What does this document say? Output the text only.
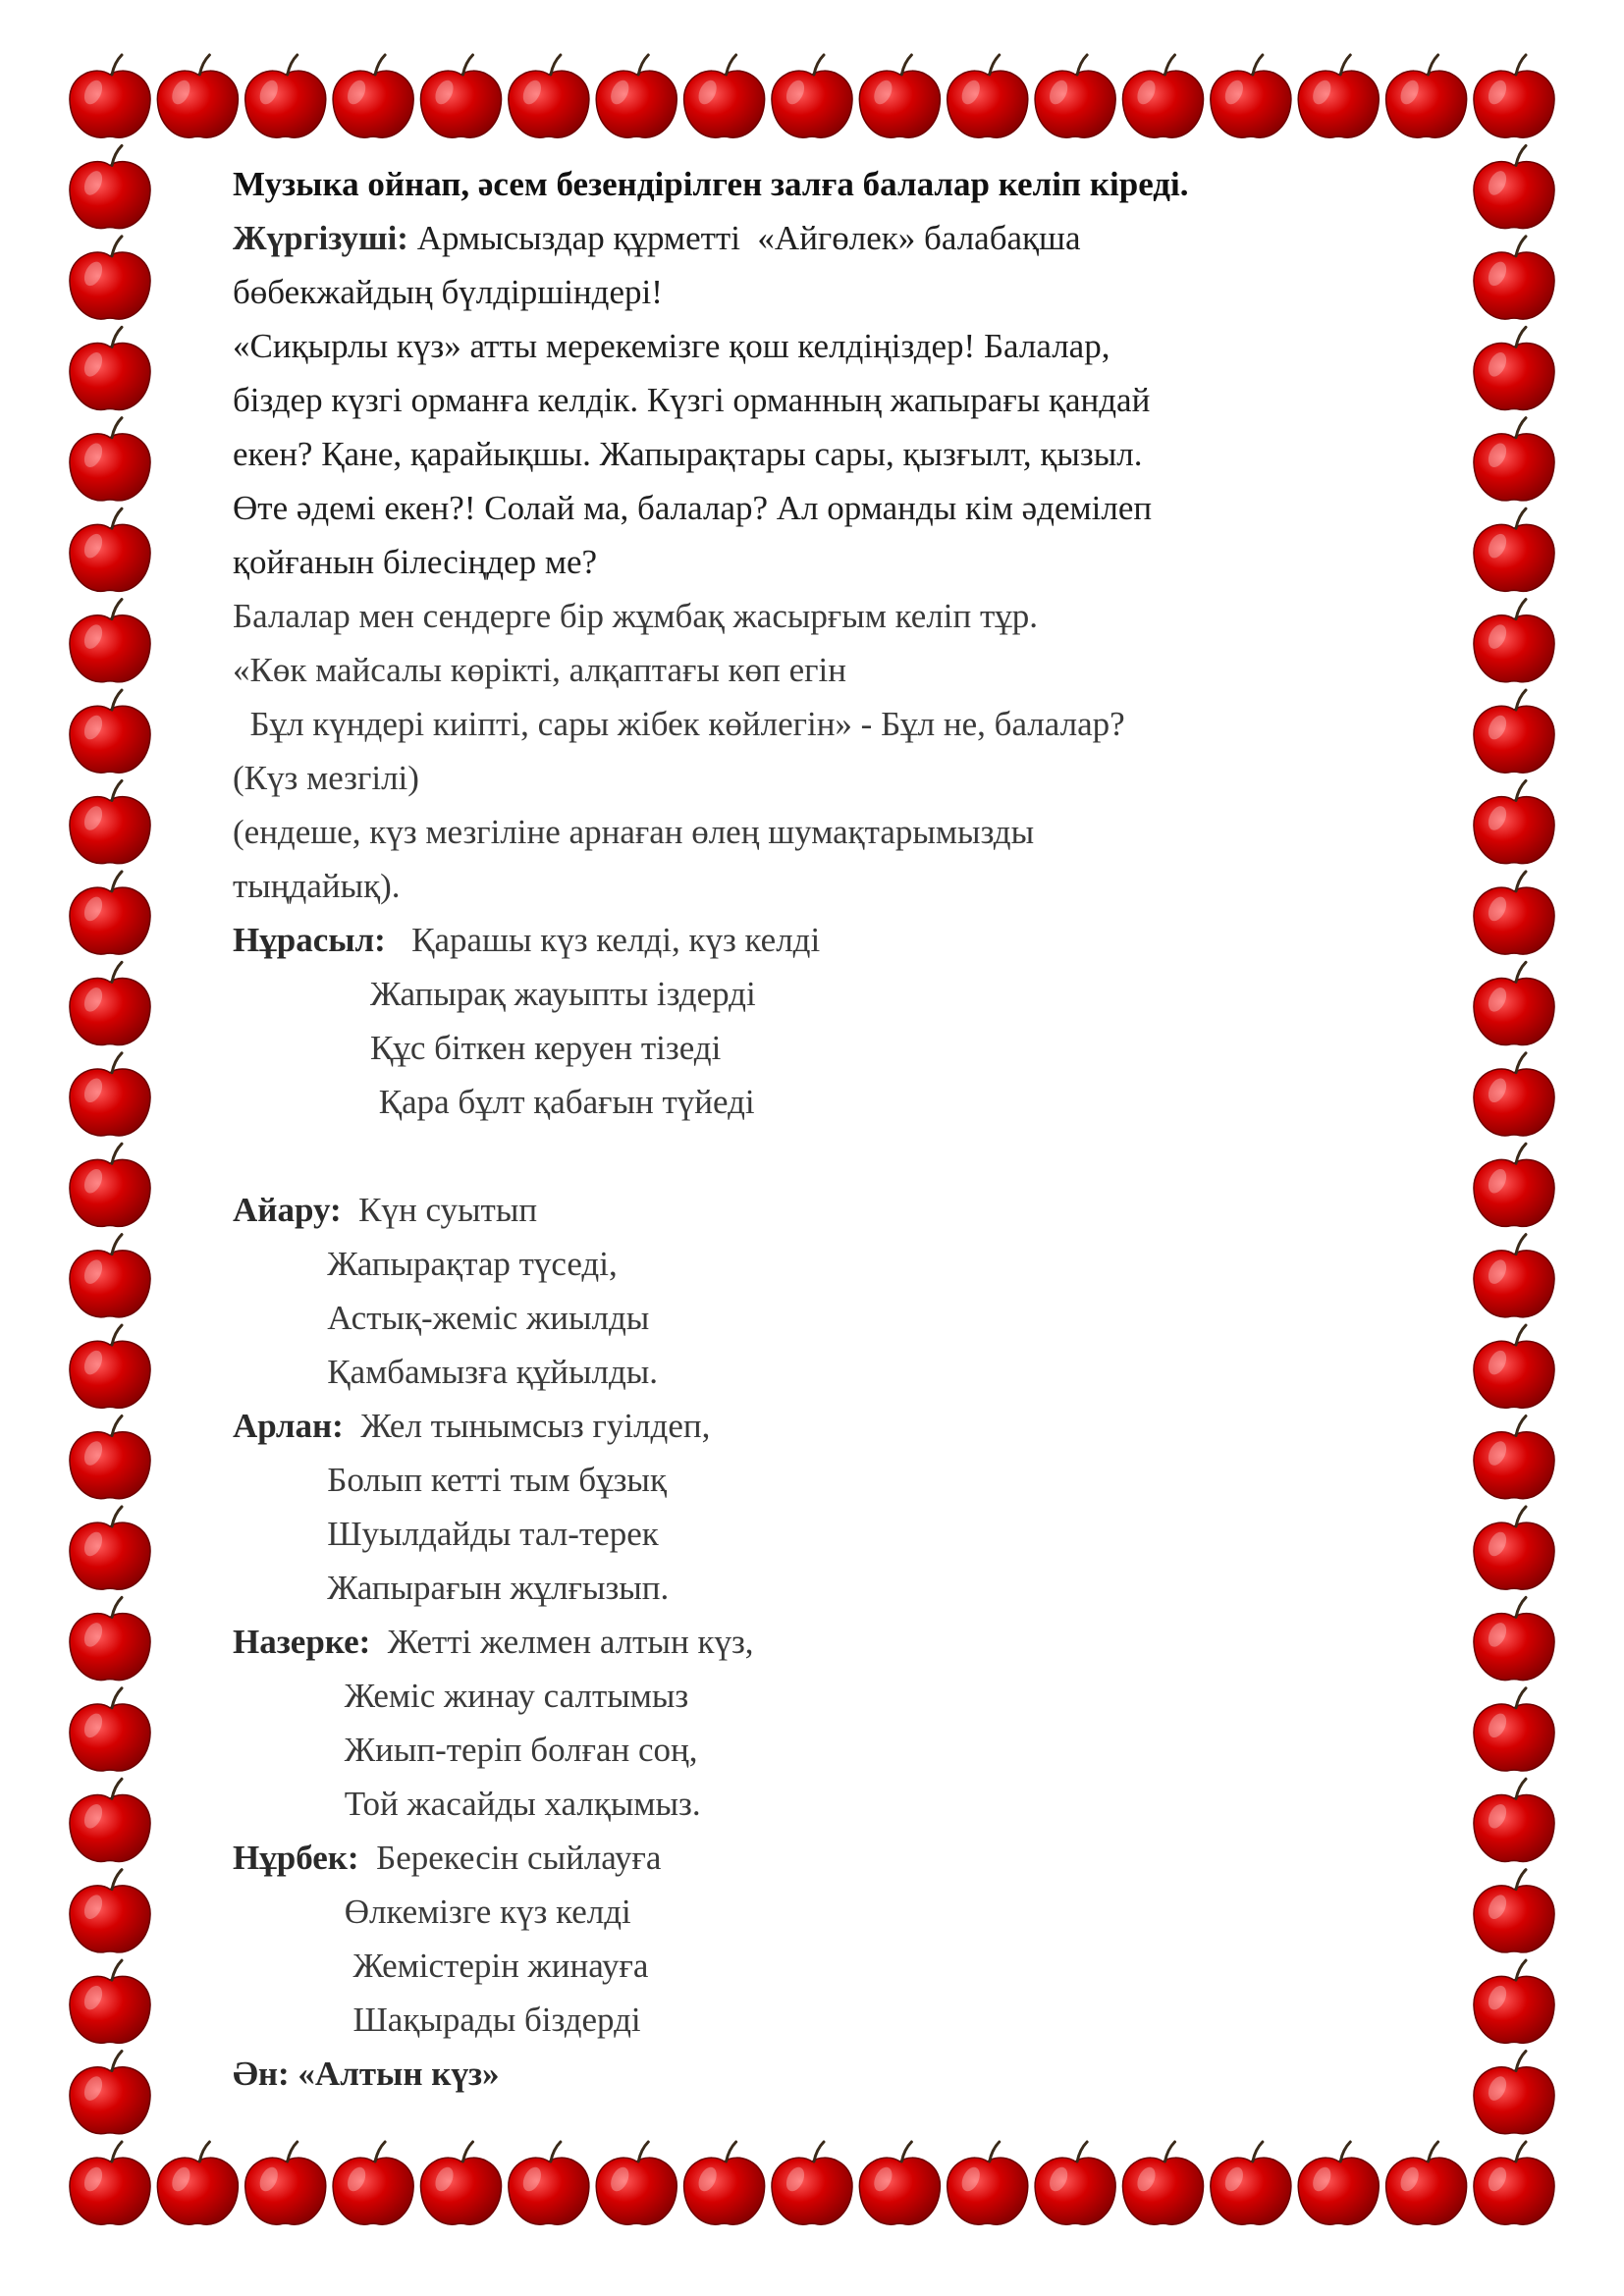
Музыка ойнап, әсем безендірілген залға балалар келіп кіреді.
Жүргізуші: Армысыздар құрметті  «Айгөлек» балабақша
бөбекжайдың бүлдіршіндері!
«Сиқырлы күз» атты мерекемізге қош келдіңіздер! Балалар,
біздер күзгі орманға келдік. Күзгі орманның жапырағы қандай
екен? Қане, қарайықшы. Жапырақтары сары, қызғылт, қызыл.
Өте әдемі екен?! Солай ма, балалар? Ал орманды кім әдемілеп
қойғанын білесіңдер ме?
Балалар мен сендерге бір жұмбақ жасырғым келіп тұр.
«Көк майсалы көрікті, алқаптағы көп егін
Бұл күндері киіпті, сары жібек көйлегін» - Бұл не, балалар?
(Күз мезгілі)
(ендеше, күз мезгіліне арнаған өлең шумақтарымызды
тыңдайық).
Нұрасыл:   Қарашы күз келді, күз келді
Жапырақ жауыпты іздерді
Құс біткен керуен тізеді
Қара бұлт қабағын түйеді
Айару:  Күн суытып
Жапырақтар түседі,
Астық-жеміс жиылды
Қамбамызға құйылды.
Арлан:  Жел тынымсыз гуілдеп,
Болып кетті тым бұзық
Шуылдайды тал-терек
Жапырағын жұлғызып.
Назерке:  Жетті желмен алтын күз,
Жеміс жинау салтымыз
Жиып-теріп болған соң,
Той жасайды халқымыз.
Нұрбек:  Берекесін сыйлауға
Өлкемізге күз келді
Жемістерін жинауға
Шақырады біздерді
Ән: «Алтын күз»
